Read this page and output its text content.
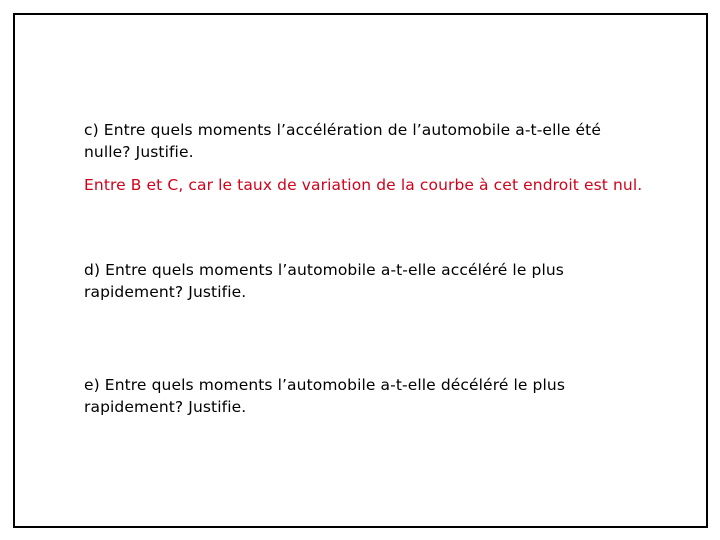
c) Entre quels moments l’accélération de l’automobile a-t-elle été nulle? Justifie.

Entre B et C, car le taux de variation de la courbe à cet endroit est nul.

d) Entre quels moments l’automobile a-t-elle accéléré le plus rapidement? Justifie.

e) Entre quels moments l’automobile a-t-elle décéléré le plus rapidement? Justifie.
